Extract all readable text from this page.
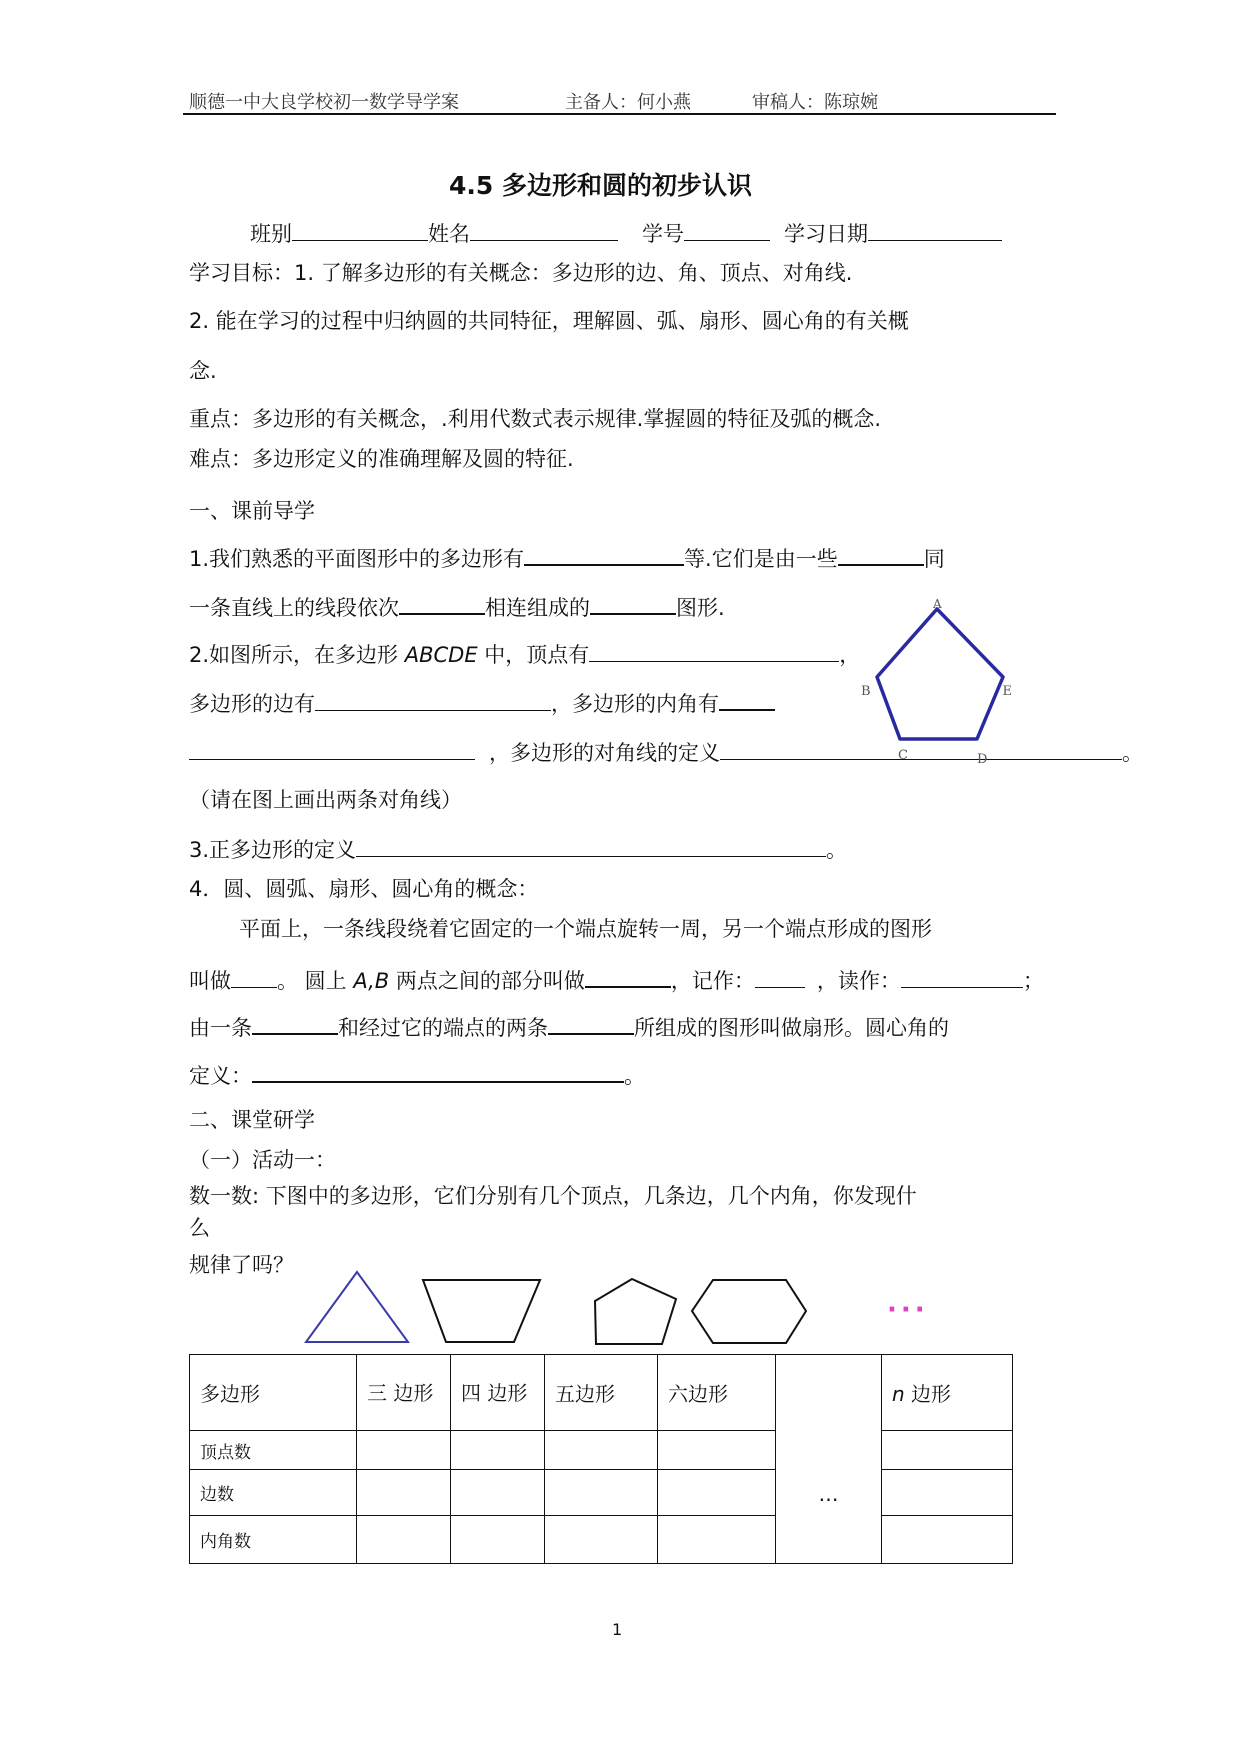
顺德一中大良学校初一数学导学案	主备人：何小燕	审稿人：陈琼婉
4.5 多边形和圆的初步认识
班别	姓名	学号	学习日期
学习目标：1. 了解多边形的有关概念：多边形的边、角、顶点、对角线.
2. 能在学习的过程中归纳圆的共同特征，理解圆、弧、扇形、圆心角的有关概
念.
重点：多边形的有关概念，.利用代数式表示规律.掌握圆的特征及弧的概念.
难点：多边形定义的准确理解及圆的特征.
一、课前导学
1.我们熟悉的平面图形中的多边形有	等.它们是由一些	同
一条直线上的线段依次	相连组成的	图形.
2.如图所示，在多边形 ABCDE 中，顶点有	，
多边形的边有	，多边形的内角有
，多边形的对角线的定义	。
A
B
C	D
E
（请在图上画出两条对角线）
3.正多边形的定义	。
4．圆、圆弧、扇形、圆心角的概念：
平面上，一条线段绕着它固定的一个端点旋转一周，另一个端点形成的图形
叫做 。 圆上 A,B 两点之间的部分叫做	，记作：	，读作：	；
由一条	和经过它的端点的两条	所组成的图形叫做扇形。圆心角的
定义：	。
二、课堂研学
（一）活动一：
数一数: 下图中的多边形，它们分别有几个顶点，几条边，几个内角，你发现什
么
规律了吗？
···
多边形	三 边形	四 边形	五边形	六边形	…	n 边形
顶点数						
边数						
内角数						
1
